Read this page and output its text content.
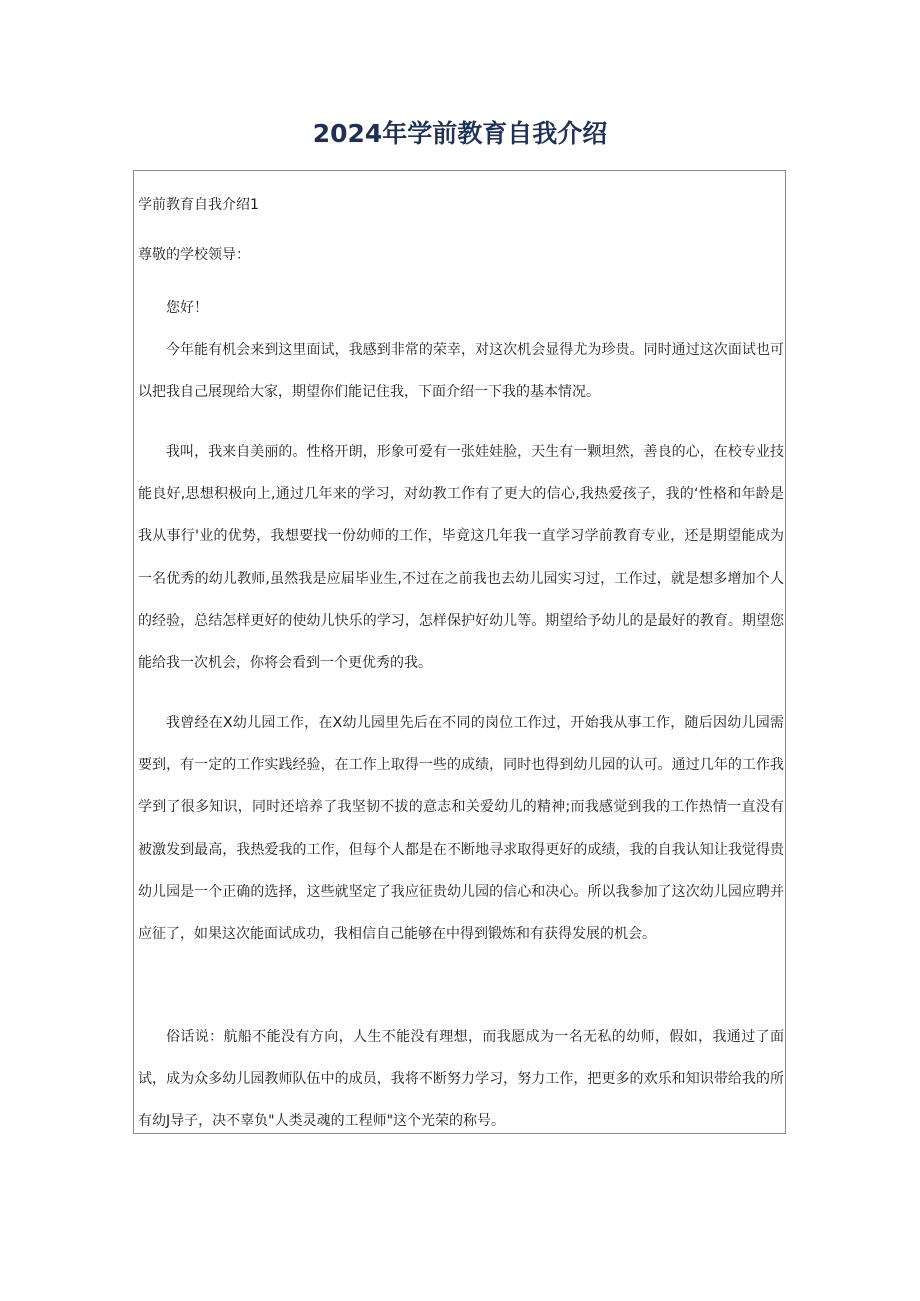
2024年学前教育自我介绍

学前教育自我介绍1

尊敬的学校领导：

您好！

今年能有机会来到这里面试，我感到非常的荣幸，对这次机会显得尤为珍贵。同时通过这次面试也可以把我自己展现给大家，期望你们能记住我，下面介绍一下我的基本情况。

我叫，我来自美丽的。性格开朗，形象可爱有一张娃娃脸，天生有一颗坦然，善良的心，在校专业技能良好,思想积极向上,通过几年来的学习，对幼教工作有了更大的信心,我热爱孩子，我的‘性格和年龄是我从事行'业的优势，我想要找一份幼师的工作，毕竟这几年我一直学习学前教育专业，还是期望能成为一名优秀的幼儿教师,虽然我是应届毕业生,不过在之前我也去幼儿园实习过，工作过，就是想多增加个人的经验，总结怎样更好的使幼儿快乐的学习，怎样保护好幼儿等。期望给予幼儿的是最好的教育。期望您能给我一次机会，你将会看到一个更优秀的我。

我曾经在X幼儿园工作，在X幼儿园里先后在不同的岗位工作过，开始我从事工作，随后因幼儿园需要到，有一定的工作实践经验，在工作上取得一些的成绩，同时也得到幼儿园的认可。通过几年的工作我学到了很多知识，同时还培养了我坚韧不拔的意志和关爱幼儿的精神;而我感觉到我的工作热情一直没有被激发到最高，我热爱我的工作，但每个人都是在不断地寻求取得更好的成绩，我的自我认知让我觉得贵幼儿园是一个正确的选择，这些就坚定了我应征贵幼儿园的信心和决心。所以我参加了这次幼儿园应聘并应征了，如果这次能面试成功，我相信自己能够在中得到锻炼和有获得发展的机会。

俗话说：航船不能没有方向，人生不能没有理想，而我愿成为一名无私的幼师，假如，我通过了面试，成为众多幼儿园教师队伍中的成员，我将不断努力学习，努力工作，把更多的欢乐和知识带给我的所有幼J导子，决不辜负"人类灵魂的工程师"这个光荣的称号。
